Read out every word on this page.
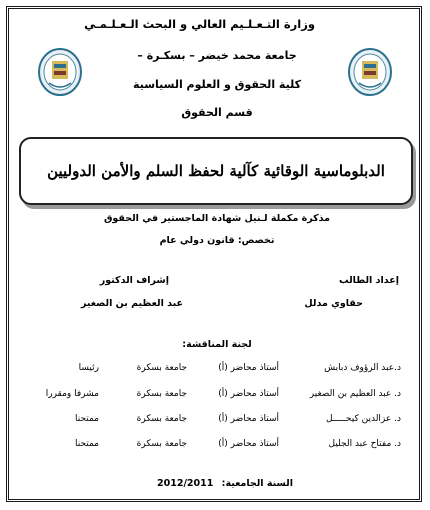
وزارة التـعـلـيم العالي و البحث الـعـلـمـي
جامعة محمد خيضر – بسكـرة –
كلية الحقوق و العلوم السياسية
قسم الحقوق
الدبلوماسية الوقائية كآلية لحفظ السلم والأمن الدوليين
مذكرة مكملة لـنيل شهادة الماجستير في الحقوق
تخصص: قانون دولي عام
إعداد الطالب
حقاوي مدلل
إشراف الدكتور
عبد العظيم بن الصغير
لجنة المناقشة:
د.عبد الرؤوف دبابش
أستاذ محاضر (أ)
جامعة بسكرة
رئيسا
د. عبد العظيم بن الصغير
أستاذ محاضر (أ)
جامعة بسكرة
مشرفا ومقررا
د. عزالدين كيحـــــل
أستاذ محاضر (أ)
جامعة بسكرة
ممتحنا
د. مفتاح عبد الجليل
أستاذ محاضر (أ)
جامعة بسكرة
ممتحنا
السنة الجامعية:
2012/2011
